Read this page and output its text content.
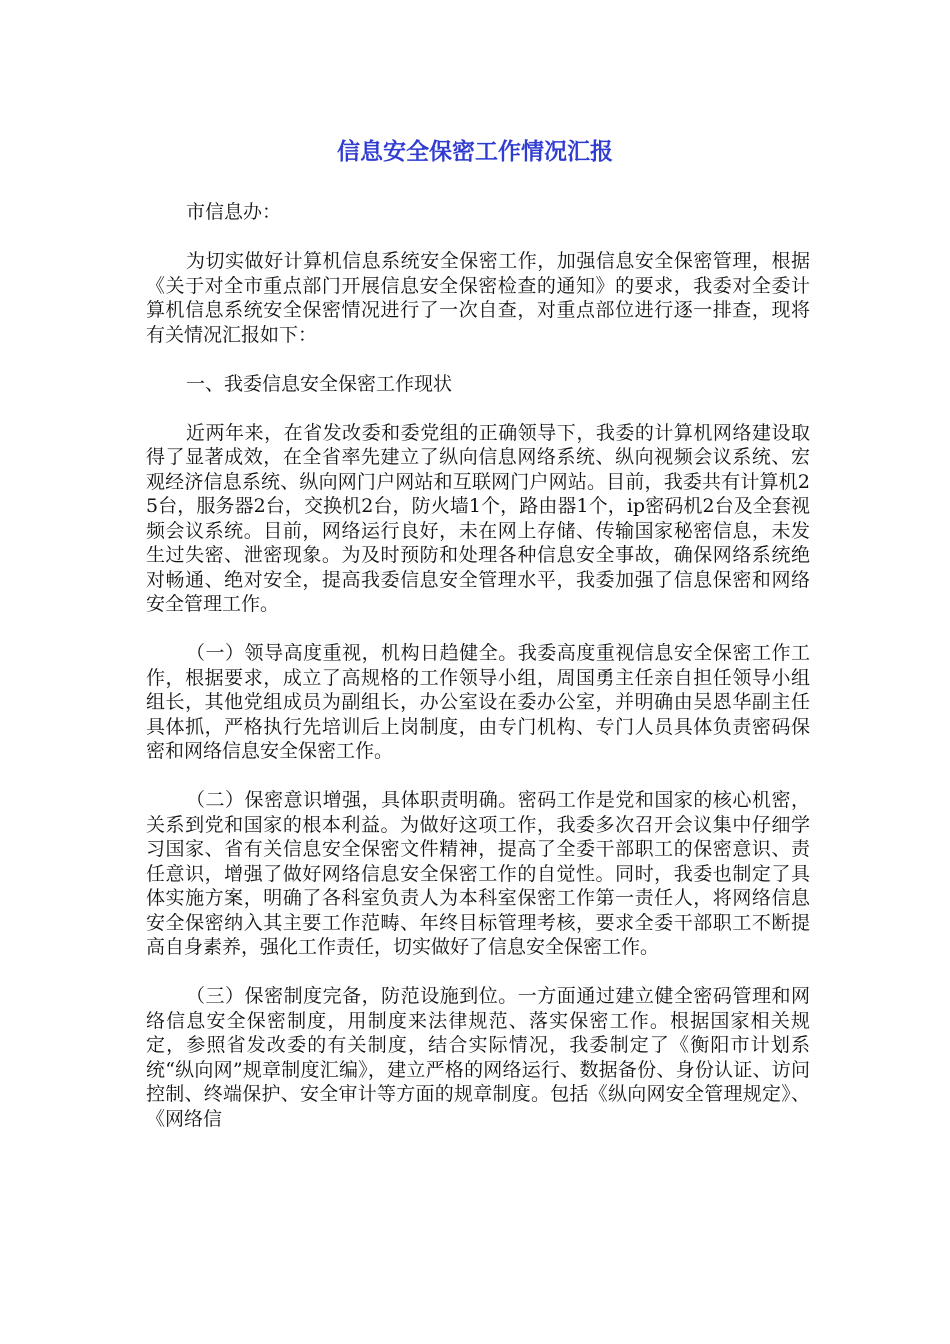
信息安全保密工作情况汇报

市信息办：

为切实做好计算机信息系统安全保密工作，加强信息安全保密管理，根据《关于对全市重点部门开展信息安全保密检查的通知》的要求，我委对全委计算机信息系统安全保密情况进行了一次自查，对重点部位进行逐一排查，现将有关情况汇报如下：

一、我委信息安全保密工作现状

近两年来，在省发改委和委党组的正确领导下，我委的计算机网络建设取得了显著成效，在全省率先建立了纵向信息网络系统、纵向视频会议系统、宏观经济信息系统、纵向网门户网站和互联网门户网站。目前，我委共有计算机25台，服务器2台，交换机2台，防火墙1个，路由器1个，ip密码机2台及全套视频会议系统。目前，网络运行良好，未在网上存储、传输国家秘密信息，未发生过失密、泄密现象。为及时预防和处理各种信息安全事故，确保网络系统绝对畅通、绝对安全，提高我委信息安全管理水平，我委加强了信息保密和网络安全管理工作。

（一）领导高度重视，机构日趋健全。我委高度重视信息安全保密工作工作，根据要求，成立了高规格的工作领导小组，周国勇主任亲自担任领导小组组长，其他党组成员为副组长，办公室设在委办公室，并明确由吴恩华副主任具体抓，严格执行先培训后上岗制度，由专门机构、专门人员具体负责密码保密和网络信息安全保密工作。

（二）保密意识增强，具体职责明确。密码工作是党和国家的核心机密，关系到党和国家的根本利益。为做好这项工作，我委多次召开会议集中仔细学习国家、省有关信息安全保密文件精神，提高了全委干部职工的保密意识、责任意识，增强了做好网络信息安全保密工作的自觉性。同时，我委也制定了具体实施方案，明确了各科室负责人为本科室保密工作第一责任人，将网络信息安全保密纳入其主要工作范畴、年终目标管理考核，要求全委干部职工不断提高自身素养，强化工作责任，切实做好了信息安全保密工作。

（三）保密制度完备，防范设施到位。一方面通过建立健全密码管理和网络信息安全保密制度，用制度来法律规范、落实保密工作。根据国家相关规定，参照省发改委的有关制度，结合实际情况，我委制定了《衡阳市计划系统“纵向网”规章制度汇编》，建立严格的网络运行、数据备份、身份认证、访问控制、终端保护、安全审计等方面的规章制度。包括《纵向网安全管理规定》、《网络信
